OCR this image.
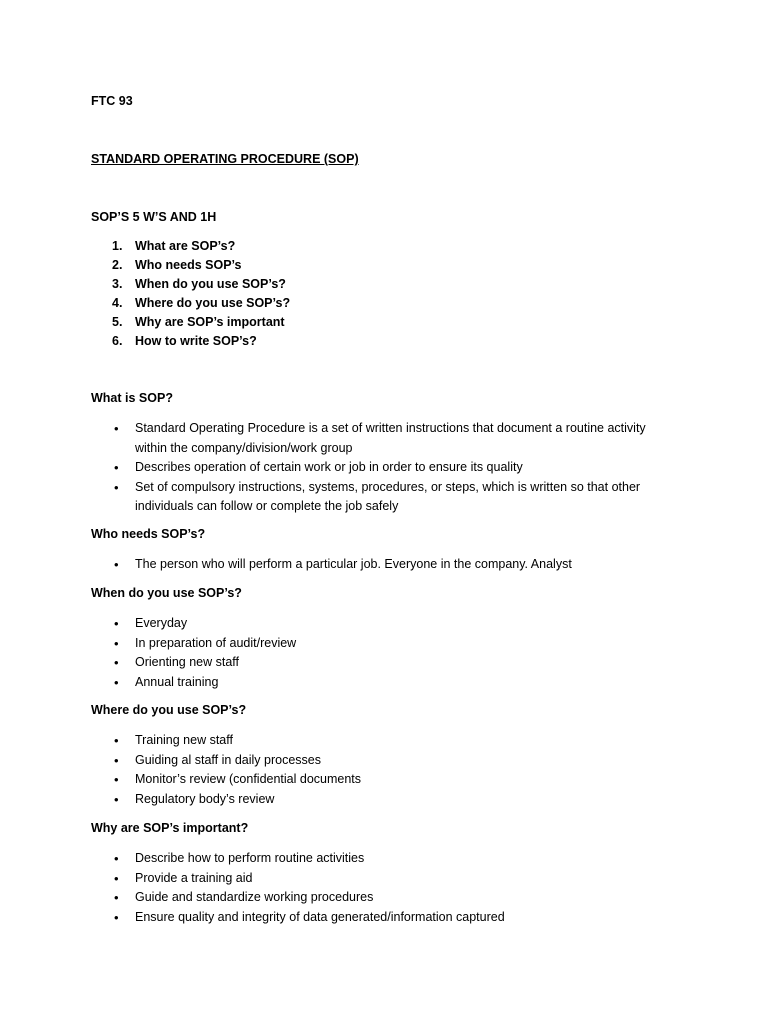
FTC 93
STANDARD OPERATING PROCEDURE (SOP)
SOP’S 5 W’S AND 1H
1. What are SOP’s?
2. Who needs SOP’s
3. When do you use SOP’s?
4. Where do you use SOP’s?
5. Why are SOP’s important
6. How to write SOP’s?
What is SOP?
• Standard Operating Procedure is a set of written instructions that document a routine activity within the company/division/work group
• Describes operation of certain work or job in order to ensure its quality
• Set of compulsory instructions, systems, procedures, or steps, which is written so that other individuals can follow or complete the job safely
Who needs SOP’s?
• The person who will perform a particular job. Everyone in the company. Analyst
When do you use SOP’s?
• Everyday
• In preparation of audit/review
• Orienting new staff
• Annual training
Where do you use SOP’s?
• Training new staff
• Guiding al staff in daily processes
• Monitor’s review (confidential documents
• Regulatory body’s review
Why are SOP’s important?
• Describe how to perform routine activities
• Provide a training aid
• Guide and standardize working procedures
• Ensure quality and integrity of data generated/information captured
